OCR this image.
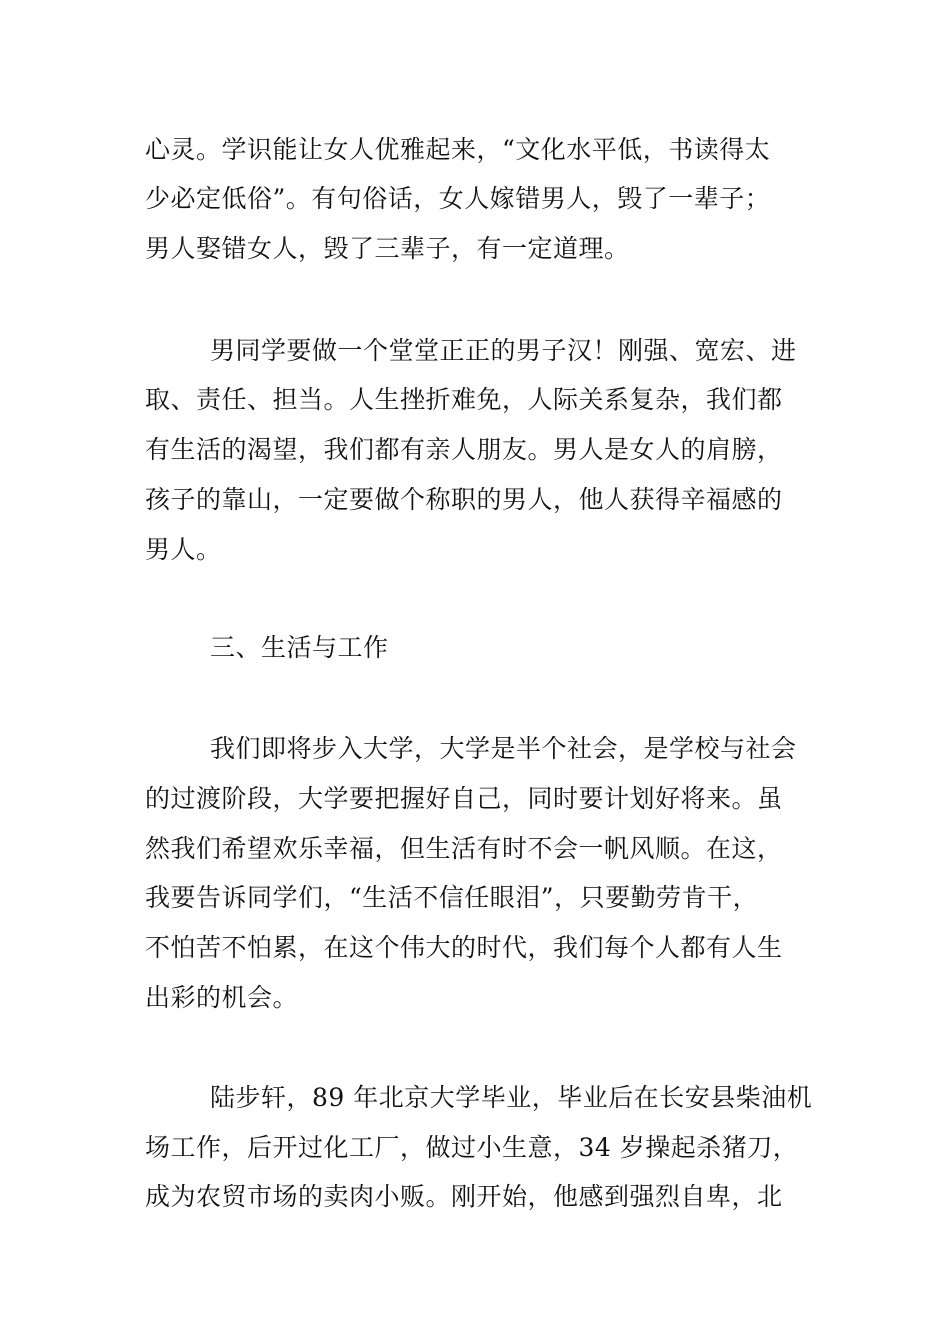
心灵。学识能让女人优雅起来，“文化水平低，书读得太
少必定低俗”。有句俗话，女人嫁错男人，毁了一辈子；
男人娶错女人，毁了三辈子，有一定道理。
男同学要做一个堂堂正正的男子汉！刚强、宽宏、进
取、责任、担当。人生挫折难免，人际关系复杂，我们都
有生活的渴望，我们都有亲人朋友。男人是女人的肩膀，
孩子的靠山，一定要做个称职的男人，他人获得辛福感的
男人。
三、生活与工作
我们即将步入大学，大学是半个社会，是学校与社会
的过渡阶段，大学要把握好自己，同时要计划好将来。虽
然我们希望欢乐幸福，但生活有时不会一帆风顺。在这，
我要告诉同学们，“生活不信任眼泪”，只要勤劳肯干，
不怕苦不怕累，在这个伟大的时代，我们每个人都有人生
出彩的机会。
陆步轩，89 年北京大学毕业，毕业后在长安县柴油机
场工作，后开过化工厂，做过小生意，34 岁操起杀猪刀，
成为农贸市场的卖肉小贩。刚开始，他感到强烈自卑，北
